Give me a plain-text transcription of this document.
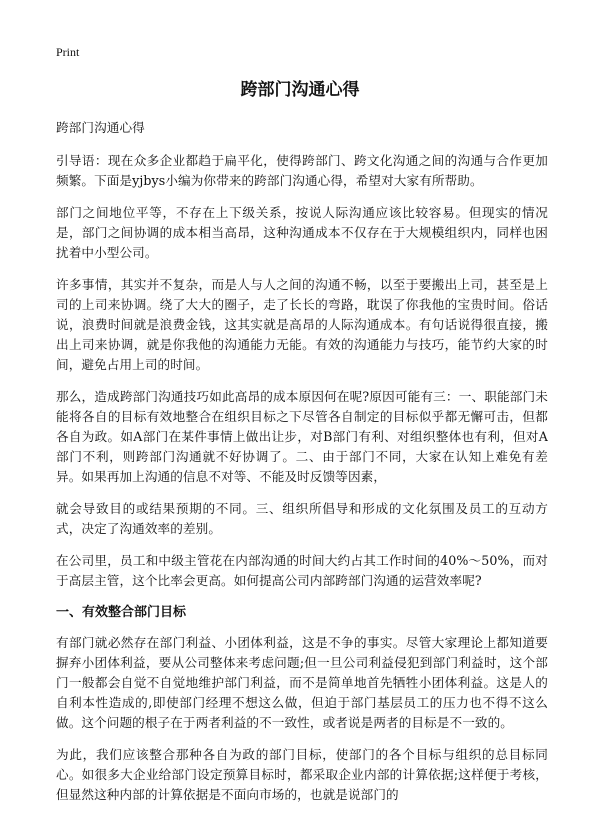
Print
跨部门沟通心得

跨部门沟通心得

引导语：现在众多企业都趋于扁平化，使得跨部门、跨文化沟通之间的沟通与合作更加频繁。下面是yjbys小编为你带来的跨部门沟通心得，希望对大家有所帮助。

部门之间地位平等，不存在上下级关系，按说人际沟通应该比较容易。但现实的情况是，部门之间协调的成本相当高昂，这种沟通成本不仅存在于大规模组织内，同样也困扰着中小型公司。

许多事情，其实并不复杂，而是人与人之间的沟通不畅，以至于要搬出上司，甚至是上司的上司来协调。绕了大大的圈子，走了长长的弯路，耽误了你我他的宝贵时间。俗话说，浪费时间就是浪费金钱，这其实就是高昂的人际沟通成本。有句话说得很直接，搬出上司来协调，就是你我他的沟通能力无能。有效的沟通能力与技巧，能节约大家的时间，避免占用上司的时间。

那么，造成跨部门沟通技巧如此高昂的成本原因何在呢?原因可能有三：一、职能部门未能将各自的目标有效地整合在组织目标之下尽管各自制定的目标似乎都无懈可击，但都各自为政。如A部门在某件事情上做出让步，对B部门有利、对组织整体也有利，但对A部门不利，则跨部门沟通就不好协调了。二、由于部门不同，大家在认知上难免有差异。如果再加上沟通的信息不对等、不能及时反馈等因素，

就会导致目的或结果预期的不同。三、组织所倡导和形成的文化氛围及员工的互动方式，决定了沟通效率的差别。

在公司里，员工和中级主管花在内部沟通的时间大约占其工作时间的40%～50%，而对于高层主管，这个比率会更高。如何提高公司内部跨部门沟通的运营效率呢?

一、有效整合部门目标

有部门就必然存在部门利益、小团体利益，这是不争的事实。尽管大家理论上都知道要摒弃小团体利益，要从公司整体来考虑问题;但一旦公司利益侵犯到部门利益时，这个部门一般都会自觉不自觉地维护部门利益，而不是简单地首先牺牲小团体利益。这是人的自利本性造成的,即使部门经理不想这么做，但迫于部门基层员工的压力也不得不这么做。这个问题的根子在于两者利益的不一致性，或者说是两者的目标是不一致的。

为此，我们应该整合那种各自为政的部门目标，使部门的各个目标与组织的总目标同心。如很多大企业给部门设定预算目标时，都采取企业内部的计算依据;这样便于考核，但显然这种内部的计算依据是不面向市场的，也就是说部门的
